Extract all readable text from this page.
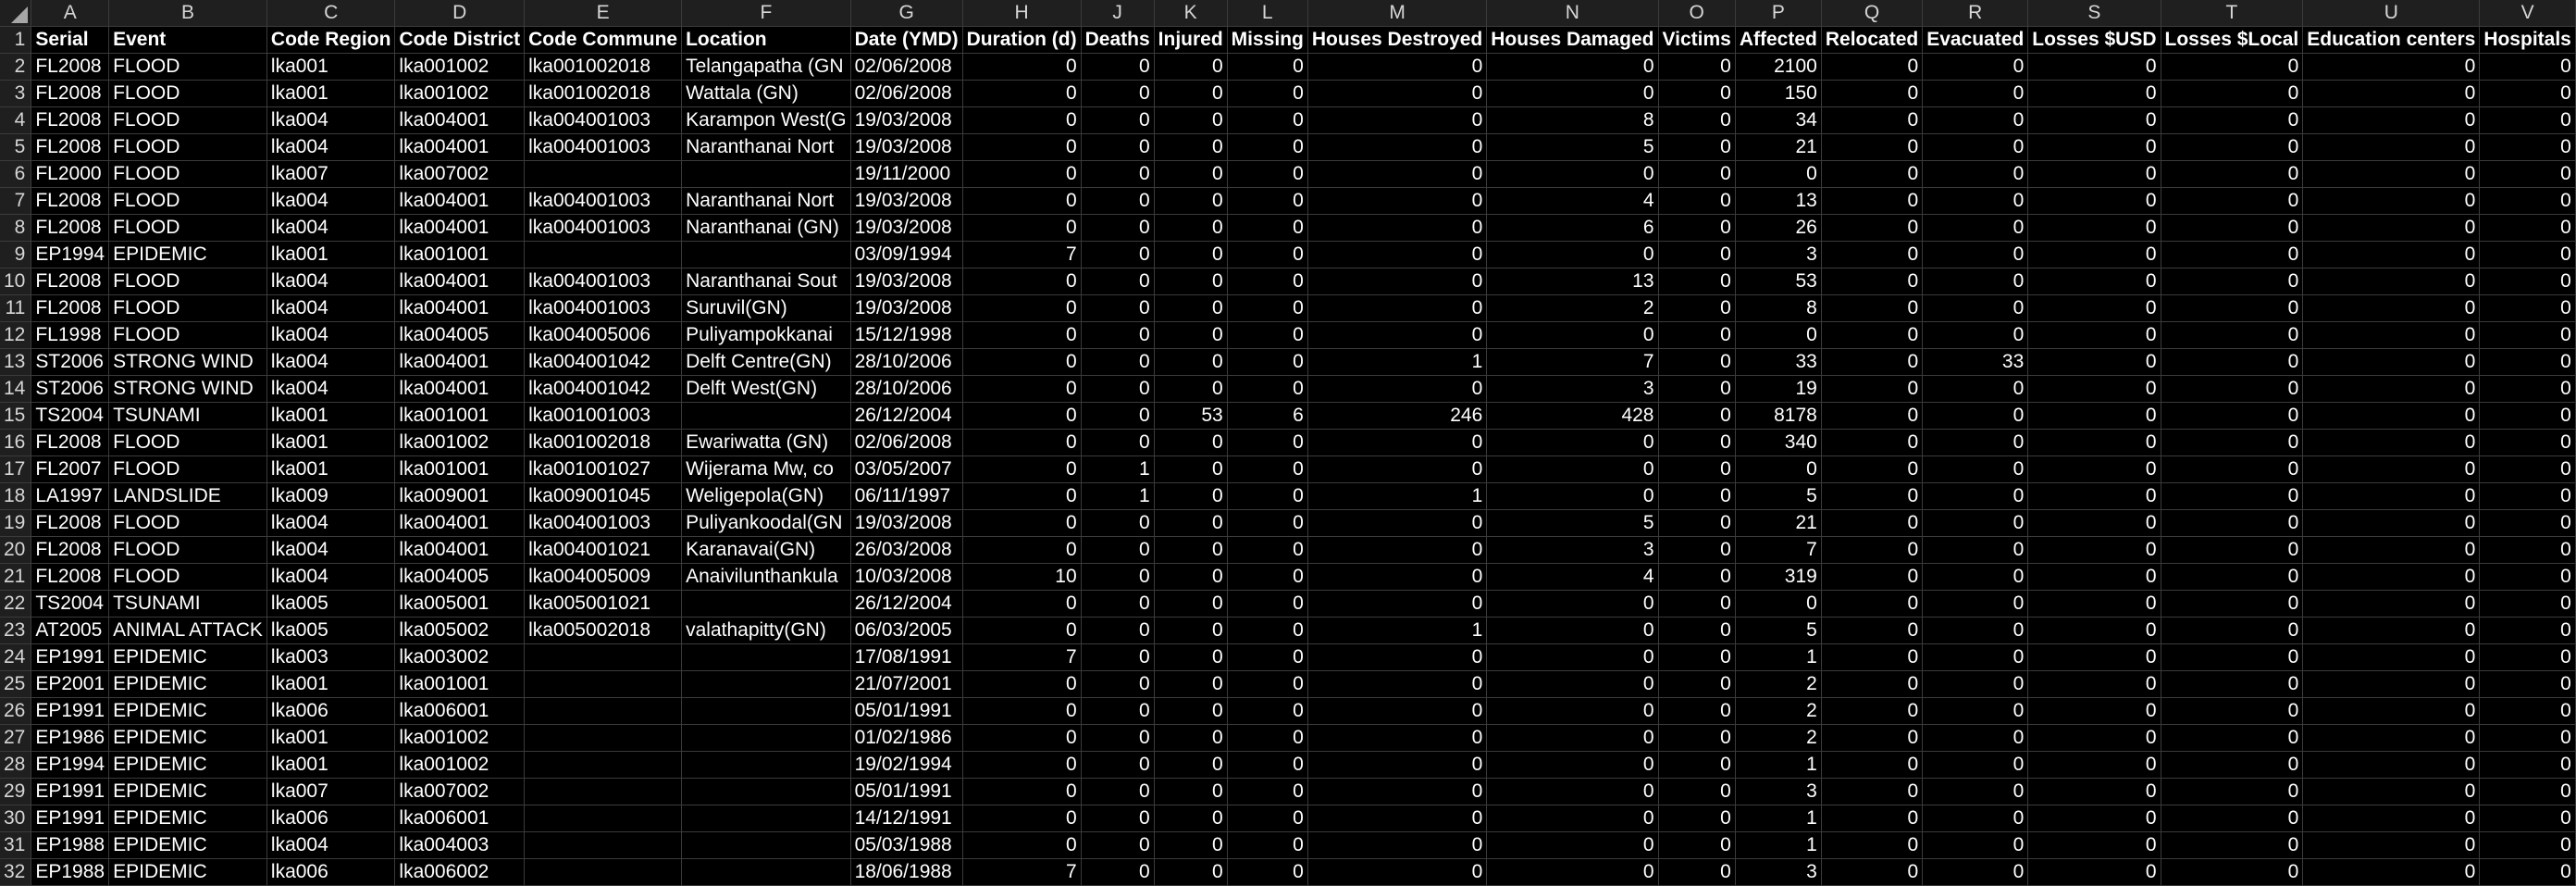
	A	B	C	D	E	F	G	H	J	K	L	M	N	O	P	Q	R	S	T	U	V
1	Serial	Event	Code Region	Code District	Code Commune	Location	Date (YMD)	Duration (d)	Deaths	Injured	Missing	Houses Destroyed	Houses Damaged	Victims	Affected	Relocated	Evacuated	Losses $USD	Losses $Local	Education centers	Hospitals
2	FL2008	FLOOD	lka001	lka001002	lka001002018	Telangapatha (GN	02/06/2008	0	0	0	0	0	0	0	2100	0	0	0	0	0	0
3	FL2008	FLOOD	lka001	lka001002	lka001002018	Wattala (GN)	02/06/2008	0	0	0	0	0	0	0	150	0	0	0	0	0	0
4	FL2008	FLOOD	lka004	lka004001	lka004001003	Karampon West(G	19/03/2008	0	0	0	0	0	8	0	34	0	0	0	0	0	0
5	FL2008	FLOOD	lka004	lka004001	lka004001003	Naranthanai Nort	19/03/2008	0	0	0	0	0	5	0	21	0	0	0	0	0	0
6	FL2000	FLOOD	lka007	lka007002			19/11/2000	0	0	0	0	0	0	0	0	0	0	0	0	0	0
7	FL2008	FLOOD	lka004	lka004001	lka004001003	Naranthanai Nort	19/03/2008	0	0	0	0	0	4	0	13	0	0	0	0	0	0
8	FL2008	FLOOD	lka004	lka004001	lka004001003	Naranthanai (GN)	19/03/2008	0	0	0	0	0	6	0	26	0	0	0	0	0	0
9	EP1994	EPIDEMIC	lka001	lka001001			03/09/1994	7	0	0	0	0	0	0	3	0	0	0	0	0	0
10	FL2008	FLOOD	lka004	lka004001	lka004001003	Naranthanai Sout	19/03/2008	0	0	0	0	0	13	0	53	0	0	0	0	0	0
11	FL2008	FLOOD	lka004	lka004001	lka004001003	Suruvil(GN)	19/03/2008	0	0	0	0	0	2	0	8	0	0	0	0	0	0
12	FL1998	FLOOD	lka004	lka004005	lka004005006	Puliyampokkanai	15/12/1998	0	0	0	0	0	0	0	0	0	0	0	0	0	0
13	ST2006	STRONG WIND	lka004	lka004001	lka004001042	Delft Centre(GN)	28/10/2006	0	0	0	0	1	7	0	33	0	33	0	0	0	0
14	ST2006	STRONG WIND	lka004	lka004001	lka004001042	Delft West(GN)	28/10/2006	0	0	0	0	0	3	0	19	0	0	0	0	0	0
15	TS2004	TSUNAMI	lka001	lka001001	lka001001003		26/12/2004	0	0	53	6	246	428	0	8178	0	0	0	0	0	0
16	FL2008	FLOOD	lka001	lka001002	lka001002018	Ewariwatta (GN)	02/06/2008	0	0	0	0	0	0	0	340	0	0	0	0	0	0
17	FL2007	FLOOD	lka001	lka001001	lka001001027	Wijerama Mw, co	03/05/2007	0	1	0	0	0	0	0	0	0	0	0	0	0	0
18	LA1997	LANDSLIDE	lka009	lka009001	lka009001045	Weligepola(GN)	06/11/1997	0	1	0	0	1	0	0	5	0	0	0	0	0	0
19	FL2008	FLOOD	lka004	lka004001	lka004001003	Puliyankoodal(GN	19/03/2008	0	0	0	0	0	5	0	21	0	0	0	0	0	0
20	FL2008	FLOOD	lka004	lka004001	lka004001021	Karanavai(GN)	26/03/2008	0	0	0	0	0	3	0	7	0	0	0	0	0	0
21	FL2008	FLOOD	lka004	lka004005	lka004005009	Anaivilunthankula	10/03/2008	10	0	0	0	0	4	0	319	0	0	0	0	0	0
22	TS2004	TSUNAMI	lka005	lka005001	lka005001021		26/12/2004	0	0	0	0	0	0	0	0	0	0	0	0	0	0
23	AT2005	ANIMAL ATTACK	lka005	lka005002	lka005002018	valathapitty(GN)	06/03/2005	0	0	0	0	1	0	0	5	0	0	0	0	0	0
24	EP1991	EPIDEMIC	lka003	lka003002			17/08/1991	7	0	0	0	0	0	0	1	0	0	0	0	0	0
25	EP2001	EPIDEMIC	lka001	lka001001			21/07/2001	0	0	0	0	0	0	0	2	0	0	0	0	0	0
26	EP1991	EPIDEMIC	lka006	lka006001			05/01/1991	0	0	0	0	0	0	0	2	0	0	0	0	0	0
27	EP1986	EPIDEMIC	lka001	lka001002			01/02/1986	0	0	0	0	0	0	0	2	0	0	0	0	0	0
28	EP1994	EPIDEMIC	lka001	lka001002			19/02/1994	0	0	0	0	0	0	0	1	0	0	0	0	0	0
29	EP1991	EPIDEMIC	lka007	lka007002			05/01/1991	0	0	0	0	0	0	0	3	0	0	0	0	0	0
30	EP1991	EPIDEMIC	lka006	lka006001			14/12/1991	0	0	0	0	0	0	0	1	0	0	0	0	0	0
31	EP1988	EPIDEMIC	lka004	lka004003			05/03/1988	0	0	0	0	0	0	0	1	0	0	0	0	0	0
32	EP1988	EPIDEMIC	lka006	lka006002			18/06/1988	7	0	0	0	0	0	0	3	0	0	0	0	0	0
